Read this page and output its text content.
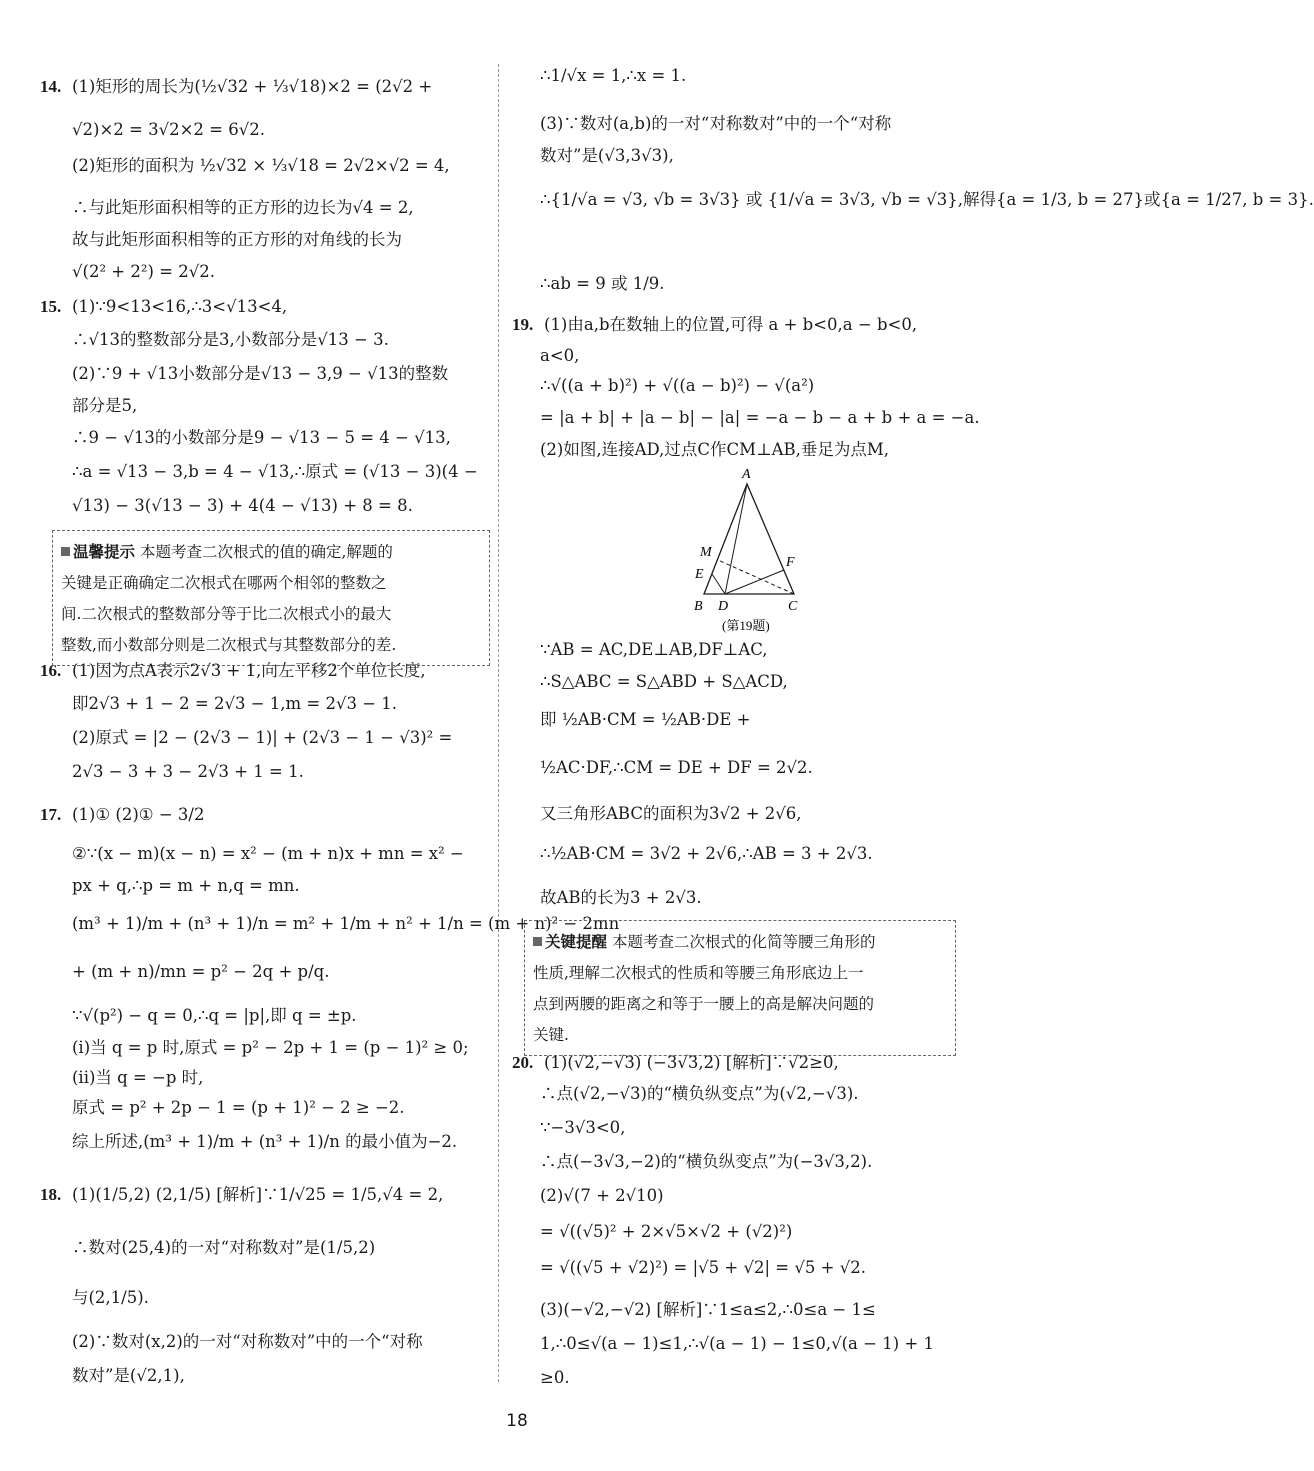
14. (1)矩形的周长为(½√32 + ⅓√18)×2 = (2√2 +
√2)×2 = 3√2×2 = 6√2.
(2)矩形的面积为 ½√32 × ⅓√18 = 2√2×√2 = 4,
∴与此矩形面积相等的正方形的边长为√4 = 2,
故与此矩形面积相等的正方形的对角线的长为
√(2² + 2²) = 2√2.
15. (1)∵9<13<16,∴3<√13<4,
∴√13的整数部分是3,小数部分是√13 − 3.
(2)∵9 + √13小数部分是√13 − 3,9 − √13的整数
部分是5,
∴9 − √13的小数部分是9 − √13 − 5 = 4 − √13,
∴a = √13 − 3,b = 4 − √13,∴原式 = (√13 − 3)(4 −
√13) − 3(√13 − 3) + 4(4 − √13) + 8 = 8.
16. (1)因为点A表示2√3 + 1,向左平移2个单位长度,
即2√3 + 1 − 2 = 2√3 − 1,m = 2√3 − 1.
(2)原式 = |2 − (2√3 − 1)| + (2√3 − 1 − √3)² =
2√3 − 3 + 3 − 2√3 + 1 = 1.
17. (1)① (2)① − 3/2
②∵(x − m)(x − n) = x² − (m + n)x + mn = x² −
px + q,∴p = m + n,q = mn.
(m³ + 1)/m + (n³ + 1)/n = m² + 1/m + n² + 1/n = (m + n)² − 2mn
+ (m + n)/mn = p² − 2q + p/q.
∵√(p²) − q = 0,∴q = |p|,即 q = ±p.
(i)当 q = p 时,原式 = p² − 2p + 1 = (p − 1)² ≥ 0;
(ii)当 q = −p 时,
原式 = p² + 2p − 1 = (p + 1)² − 2 ≥ −2.
综上所述,(m³ + 1)/m + (n³ + 1)/n 的最小值为−2.
18. (1)(1/5,2) (2,1/5) [解析]∵1/√25 = 1/5,√4 = 2,
∴数对(25,4)的一对“对称数对”是(1/5,2)
与(2,1/5).
(2)∵数对(x,2)的一对“对称数对”中的一个“对称
数对”是(√2,1),
温馨提示 本题考查二次根式的值的确定,解题的
关键是正确确定二次根式在哪两个相邻的整数之
间.二次根式的整数部分等于比二次根式小的最大
整数,而小数部分则是二次根式与其整数部分的差.
A
B	C
D
E
F
M
(第19题)
∴1/√x = 1,∴x = 1.
(3)∵数对(a,b)的一对“对称数对”中的一个“对称
数对”是(√3,3√3),
∴{1/√a = √3, √b = 3√3} 或 {1/√a = 3√3, √b = √3},解得{a = 1/3, b = 27}或{a = 1/27, b = 3}.
∴ab = 9 或 1/9.
19. (1)由a,b在数轴上的位置,可得 a + b<0,a − b<0,
a<0,
∴√((a + b)²) + √((a − b)²) − √(a²)
= |a + b| + |a − b| − |a| = −a − b − a + b + a = −a.
(2)如图,连接AD,过点C作CM⊥AB,垂足为点M,
∵AB = AC,DE⊥AB,DF⊥AC,
∴S△ABC = S△ABD + S△ACD,
即 ½AB·CM = ½AB·DE +
½AC·DF,∴CM = DE + DF = 2√2.
又三角形ABC的面积为3√2 + 2√6,
∴½AB·CM = 3√2 + 2√6,∴AB = 3 + 2√3.
故AB的长为3 + 2√3.
20. (1)(√2,−√3) (−3√3,2) [解析]∵√2≥0,
∴点(√2,−√3)的“横负纵变点”为(√2,−√3).
∵−3√3<0,
∴点(−3√3,−2)的“横负纵变点”为(−3√3,2).
(2)√(7 + 2√10)
= √((√5)² + 2×√5×√2 + (√2)²)
= √((√5 + √2)²) = |√5 + √2| = √5 + √2.
(3)(−√2,−√2) [解析]∵1≤a≤2,∴0≤a − 1≤
1,∴0≤√(a − 1)≤1,∴√(a − 1) − 1≤0,√(a − 1) + 1
≥0.
关键提醒 本题考查二次根式的化简等腰三角形的
性质,理解二次根式的性质和等腰三角形底边上一
点到两腰的距离之和等于一腰上的高是解决问题的
关键.
18
